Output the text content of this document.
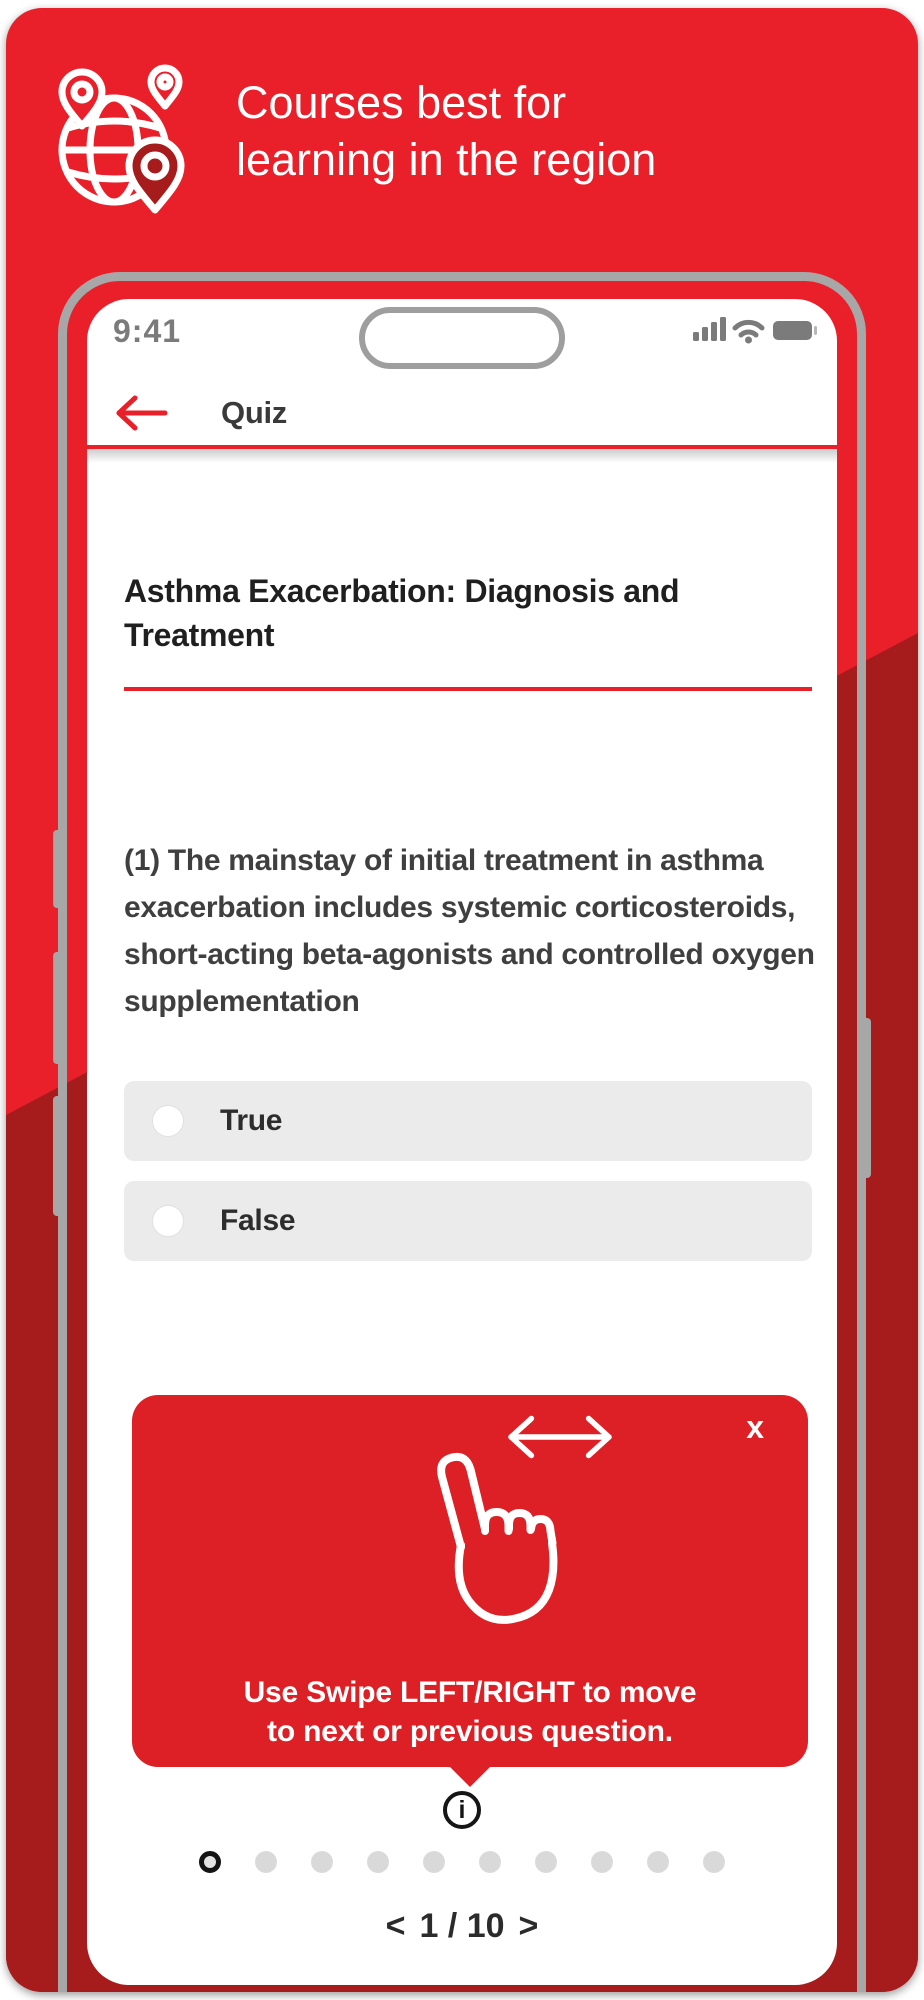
Courses best for
learning in the region
9:41
Quiz
Asthma Exacerbation: Diagnosis and Treatment
(1) The mainstay of initial treatment in asthma exacerbation includes systemic corticosteroids, short-acting beta-agonists and controlled oxygen supplementation
True
False
x
Use Swipe LEFT/RIGHT to move to next or previous question.
i
< 1 / 10 >
